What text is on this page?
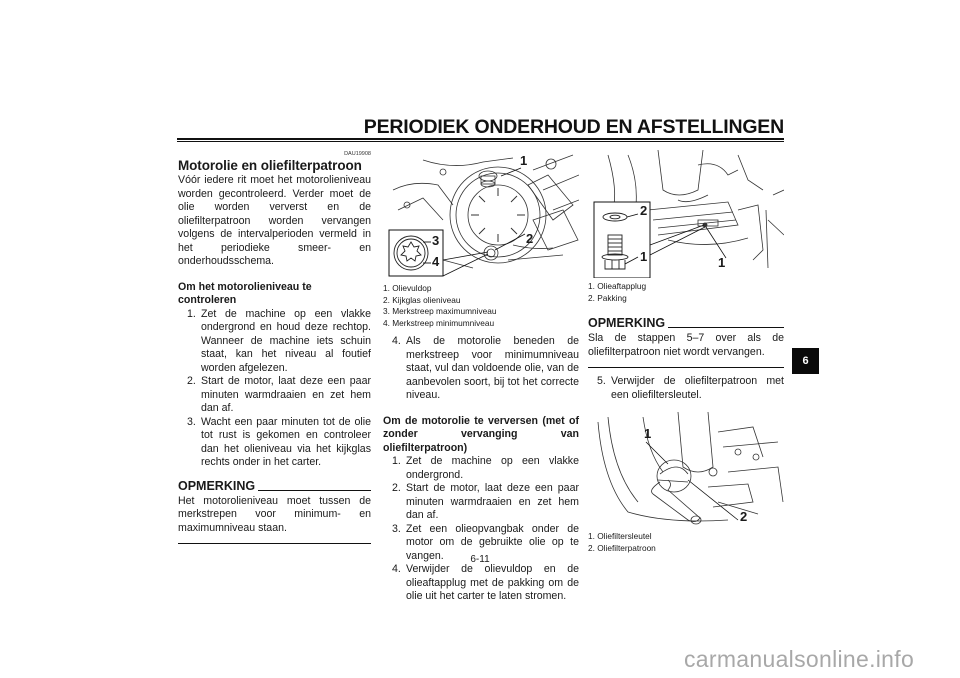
PERIODIEK ONDERHOUD EN AFSTELLINGEN
DAU19908
Motorolie en oliefilterpatroon

Vóór iedere rit moet het motorolieniveau worden gecontroleerd. Verder moet de olie worden ververst en de oliefilterpatroon worden vervangen volgens de intervalperioden vermeld in het periodieke smeer- en onderhoudsschema.

Om het motorolieniveau te controleren
1. Zet de machine op een vlakke ondergrond en houd deze rechtop. Wanneer de machine iets schuin staat, kan het niveau al foutief worden afgelezen.
2. Start de motor, laat deze een paar minuten warmdraaien en zet hem dan af.
3. Wacht een paar minuten tot de olie tot rust is gekomen en controleer dan het olieniveau via het kijkglas rechts onder in het carter.
OPMERKING
Het motorolieniveau moet tussen de merkstrepen voor minimum- en maximumniveau staan.
1
2
3
4
1. Olievuldop
2. Kijkglas olieniveau
3. Merkstreep maximumniveau
4. Merkstreep minimumniveau
4. Als de motorolie beneden de merkstreep voor minimumniveau staat, vul dan voldoende olie, van de aanbevolen soort, bij tot het correcte niveau.
Om de motorolie te verversen (met of zonder vervanging van oliefilterpatroon)
1. Zet de machine op een vlakke ondergrond.
2. Start de motor, laat deze een paar minuten warmdraaien en zet hem dan af.
3. Zet een olieopvangbak onder de motor om de gebruikte olie op te vangen.
4. Verwijder de olievuldop en de olieaftapplug met de pakking om de olie uit het carter te laten stromen.
2
1	1
1. Olieaftapplug
2. Pakking
OPMERKING
Sla de stappen 5–7 over als de oliefilterpatroon niet wordt vervangen.
5. Verwijder de oliefilterpatroon met een oliefiltersleutel.
1
2
1. Oliefiltersleutel
2. Oliefilterpatroon
6
6-11
carmanualsonline.info
